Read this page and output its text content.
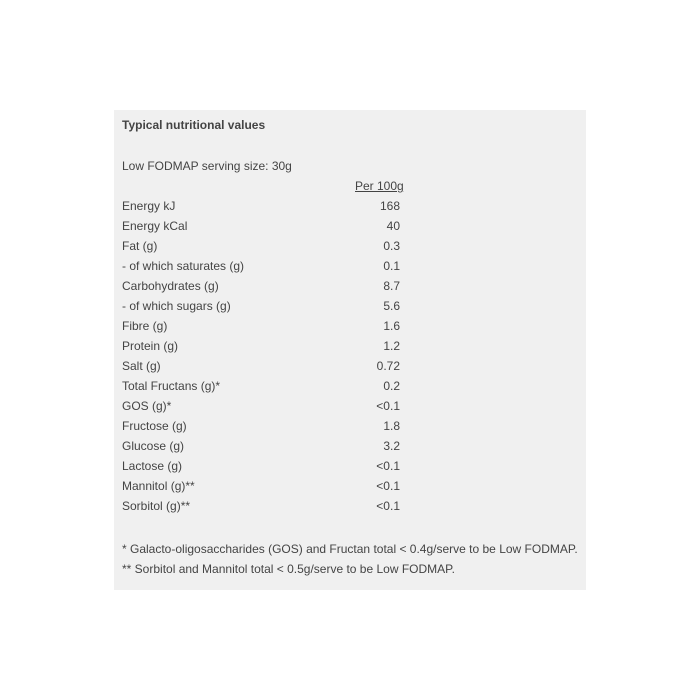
Typical nutritional values
Low FODMAP serving size: 30g
Per 100g
Energy kJ	168
Energy kCal	40
Fat (g)	0.3
- of which saturates (g)	0.1
Carbohydrates (g)	8.7
- of which sugars (g)	5.6
Fibre (g)	1.6
Protein (g)	1.2
Salt (g)	0.72
Total Fructans (g)*	0.2
GOS (g)*	<0.1
Fructose (g)	1.8
Glucose (g)	3.2
Lactose (g)	<0.1
Mannitol (g)**	<0.1
Sorbitol (g)**	<0.1
* Galacto-oligosaccharides (GOS) and Fructan total < 0.4g/serve to be Low FODMAP.
** Sorbitol and Mannitol total < 0.5g/serve to be Low FODMAP.
